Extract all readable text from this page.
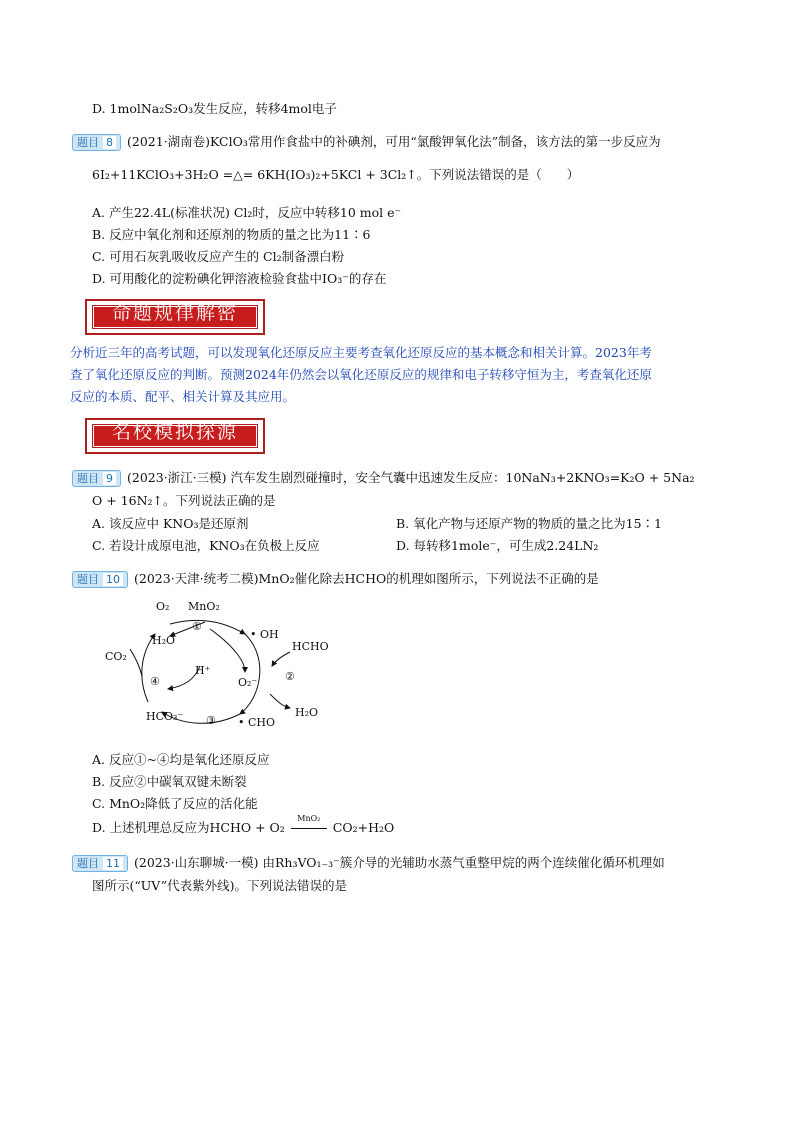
D. 1molNa₂S₂O₃发生反应，转移4mol电子
题目 8 (2021·湖南卷)KClO₃常用作食盐中的补碘剂，可用“氯酸钾氧化法”制备，该方法的第一步反应为
6I₂+11KClO₃+3H₂O =△= 6KH(IO₃)₂+5KCl + 3Cl₂↑。下列说法错误的是（　　）
A. 产生22.4L(标准状况) Cl₂时，反应中转移10 mol e⁻
B. 反应中氧化剂和还原剂的物质的量之比为11∶6
C. 可用石灰乳吸收反应产生的 Cl₂制备漂白粉
D. 可用酸化的淀粉碘化钾溶液检验食盐中IO₃⁻的存在
命题规律解密
分析近三年的高考试题，可以发现氧化还原反应主要考查氧化还原反应的基本概念和相关计算。2023年考
查了氧化还原反应的判断。预测2024年仍然会以氧化还原反应的规律和电子转移守恒为主，考查氧化还原
反应的本质、配平、相关计算及其应用。
名校模拟探源
题目 9 (2023·浙江·三模) 汽车发生剧烈碰撞时，安全气囊中迅速发生反应：10NaN₃+2KNO₃=K₂O + 5Na₂
O + 16N₂↑。下列说法正确的是
A. 该反应中 KNO₃是还原剂	B. 氧化产物与还原产物的物质的量之比为15∶1
C. 若设计成原电池，KNO₃在负极上反应	D. 每转移1mole⁻，可生成2.24LN₂
题目 10 (2023·天津·统考二模)MnO₂催化除去HCHO的机理如图所示，下列说法不正确的是
O₂ MnO₂
①
• OH
H₂O	HCHO
CO₂
H⁺	②
④	O₂⁻
H₂O
HCO₃⁻ ③ • CHO
A. 反应①~④均是氧化还原反应
B. 反应②中碳氧双键未断裂
C. MnO₂降低了反应的活化能
D. 上述机理总反应为HCHO + O₂
MnO₂
CO₂+H₂O
题目 11 (2023·山东聊城·一模) 由Rh₃VO₁₋₃⁻簇介导的光辅助水蒸气重整甲烷的两个连续催化循环机理如
图所示(“UV”代表紫外线)。下列说法错误的是
